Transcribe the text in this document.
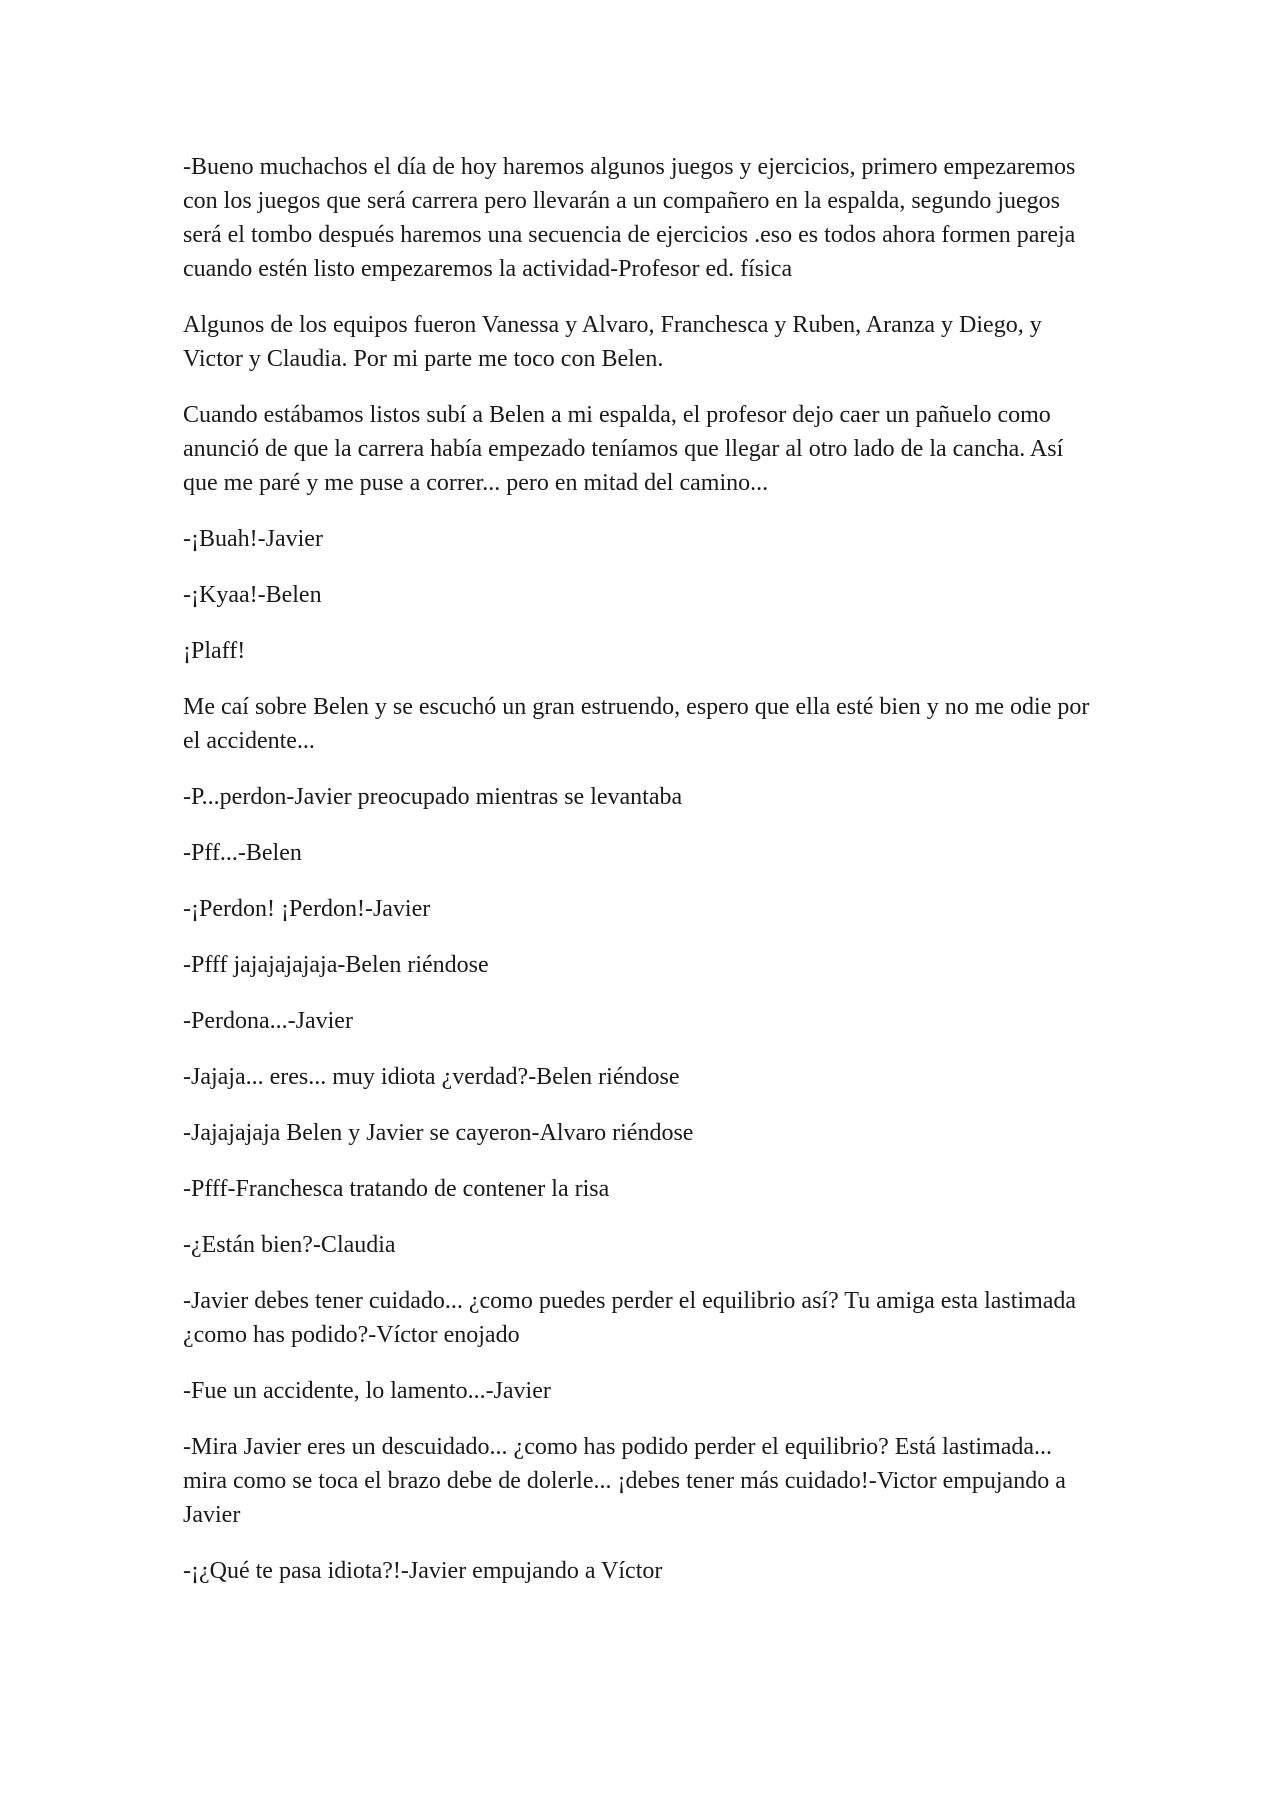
-Bueno muchachos el día de hoy haremos algunos juegos y ejercicios, primero empezaremos con los juegos que será carrera pero llevarán a un compañero en la espalda, segundo juegos será el tombo después haremos una secuencia de ejercicios .eso es todos ahora formen pareja cuando estén listo empezaremos la actividad-Profesor ed. física

Algunos de los equipos fueron Vanessa y Alvaro, Franchesca y Ruben, Aranza y Diego, y Victor y Claudia. Por mi parte me toco con Belen.

Cuando estábamos listos subí a Belen a mi espalda, el profesor dejo caer un pañuelo como anunció de que la carrera había empezado teníamos que llegar al otro lado de la cancha. Así que me paré y me puse a correr... pero en mitad del camino...

-¡Buah!-Javier

-¡Kyaa!-Belen

¡Plaff!

Me caí sobre Belen y se escuchó un gran estruendo, espero que ella esté bien y no me odie por el accidente...

-P...perdon-Javier preocupado mientras se levantaba

-Pff...-Belen

-¡Perdon! ¡Perdon!-Javier

-Pfff jajajajajaja-Belen riéndose

-Perdona...-Javier

-Jajaja... eres... muy idiota ¿verdad?-Belen riéndose

-Jajajajaja Belen y Javier se cayeron-Alvaro riéndose

-Pfff-Franchesca tratando de contener la risa

-¿Están bien?-Claudia

-Javier debes tener cuidado... ¿como puedes perder el equilibrio así? Tu amiga esta lastimada ¿como has podido?-Víctor enojado

-Fue un accidente, lo lamento...-Javier

-Mira Javier eres un descuidado... ¿como has podido perder el equilibrio? Está lastimada... mira como se toca el brazo debe de dolerle... ¡debes tener más cuidado!-Victor empujando a Javier

-¡¿Qué te pasa idiota?!-Javier empujando a Víctor
